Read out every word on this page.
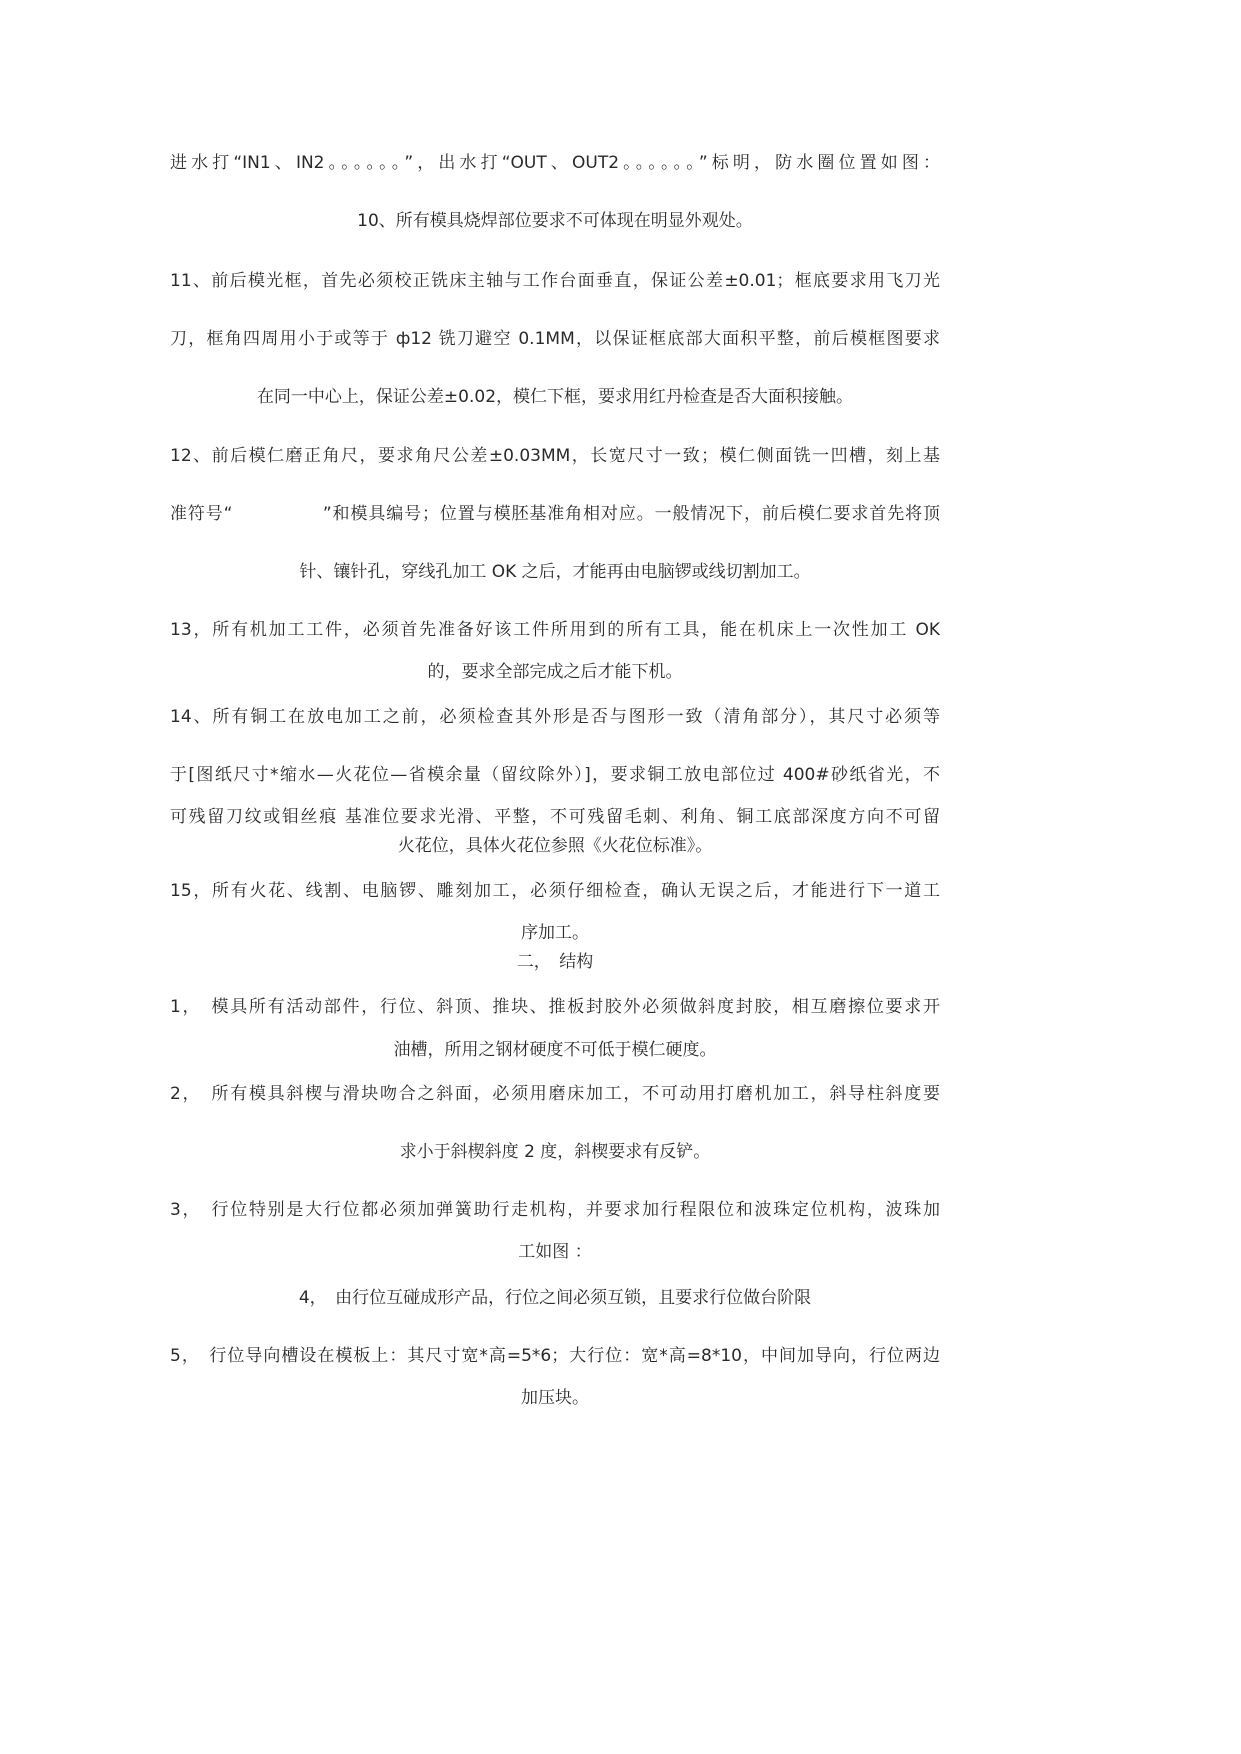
进水打“IN1、IN2。。。。。。”，出水打“OUT、OUT2。。。。。。”标明，防水圈位置如图：

10、所有模具烧焊部位要求不可体现在明显外观处。

11、前后模光框，首先必须校正铣床主轴与工作台面垂直，保证公差±0.01；框底要求用飞刀光

刀，框角四周用小于或等于 ф12 铣刀避空 0.1MM，以保证框底部大面积平整，前后模框图要求

在同一中心上，保证公差±0.02，模仁下框，要求用红丹检查是否大面积接触。

12、前后模仁磨正角尺，要求角尺公差±0.03MM，长宽尺寸一致；模仁侧面铣一凹槽，刻上基

准符号“　　　　　”和模具编号；位置与模胚基准角相对应。一般情况下，前后模仁要求首先将顶

针、镶针孔，穿线孔加工 OK 之后，才能再由电脑锣或线切割加工。

13，所有机加工工件，必须首先准备好该工件所用到的所有工具，能在机床上一次性加工 OK

的，要求全部完成之后才能下机。

14、所有铜工在放电加工之前，必须检查其外形是否与图形一致（清角部分），其尺寸必须等

于[图纸尺寸*缩水—火花位—省模余量（留纹除外）]，要求铜工放电部位过 400#砂纸省光，不

可残留刀纹或钼丝痕 基准位要求光滑、平整，不可残留毛刺、利角、铜工底部深度方向不可留

火花位，具体火花位参照《火花位标准》。

15，所有火花、线割、电脑锣、雕刻加工，必须仔细检查，确认无误之后，才能进行下一道工

序加工。

二，　结构

1，　模具所有活动部件，行位、斜顶、推块、推板封胶外必须做斜度封胶，相互磨擦位要求开

油槽，所用之钢材硬度不可低于模仁硬度。

2，　所有模具斜楔与滑块吻合之斜面，必须用磨床加工，不可动用打磨机加工，斜导柱斜度要

求小于斜楔斜度 2 度，斜楔要求有反铲。

3，　行位特别是大行位都必须加弹簧助行走机构，并要求加行程限位和波珠定位机构，波珠加

工如图 ：

4，　由行位互碰成形产品，行位之间必须互锁，且要求行位做台阶限

5，　行位导向槽设在模板上：其尺寸宽*高=5*6；大行位：宽*高=8*10，中间加导向，行位两边

加压块。
